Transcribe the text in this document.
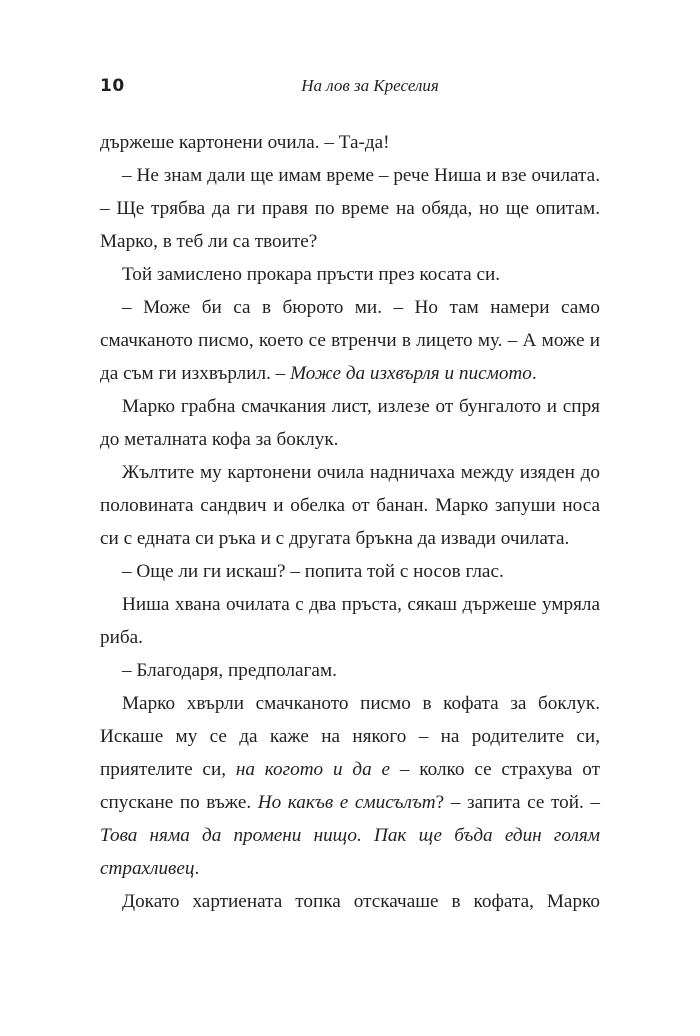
10	На лов за Креселия

държеше картонени очила. – Та-да!

– Не знам дали ще имам време – рече Ниша и взе очилата. – Ще трябва да ги правя по време на обяда, но ще опитам. Марко, в теб ли са твоите?

Той замислено прокара пръсти през косата си.

– Може би са в бюрото ми. – Но там намери само смачканото писмо, което се втренчи в лицето му. – А може и да съм ги изхвърлил. – Може да изхвърля и писмото.

Марко грабна смачкания лист, излезе от бунгалото и спря до металната кофа за боклук.

Жълтите му картонени очила надничаха между изяден до половината сандвич и обелка от банан. Марко запуши носа си с едната си ръка и с другата бръкна да извади очилата.

– Още ли ги искаш? – попита той с носов глас.

Ниша хвана очилата с два пръста, сякаш държеше умряла риба.

– Благодаря, предполагам.

Марко хвърли смачканото писмо в кофата за боклук. Искаше му се да каже на някого – на родителите си, приятелите си, на когото и да е – колко се страхува от спускане по въже. Но какъв е смисълът? – запита се той. – Това няма да промени нищо. Пак ще бъда един голям страхливец.

Докато хартиената топка отскачаше в кофата, Марко
